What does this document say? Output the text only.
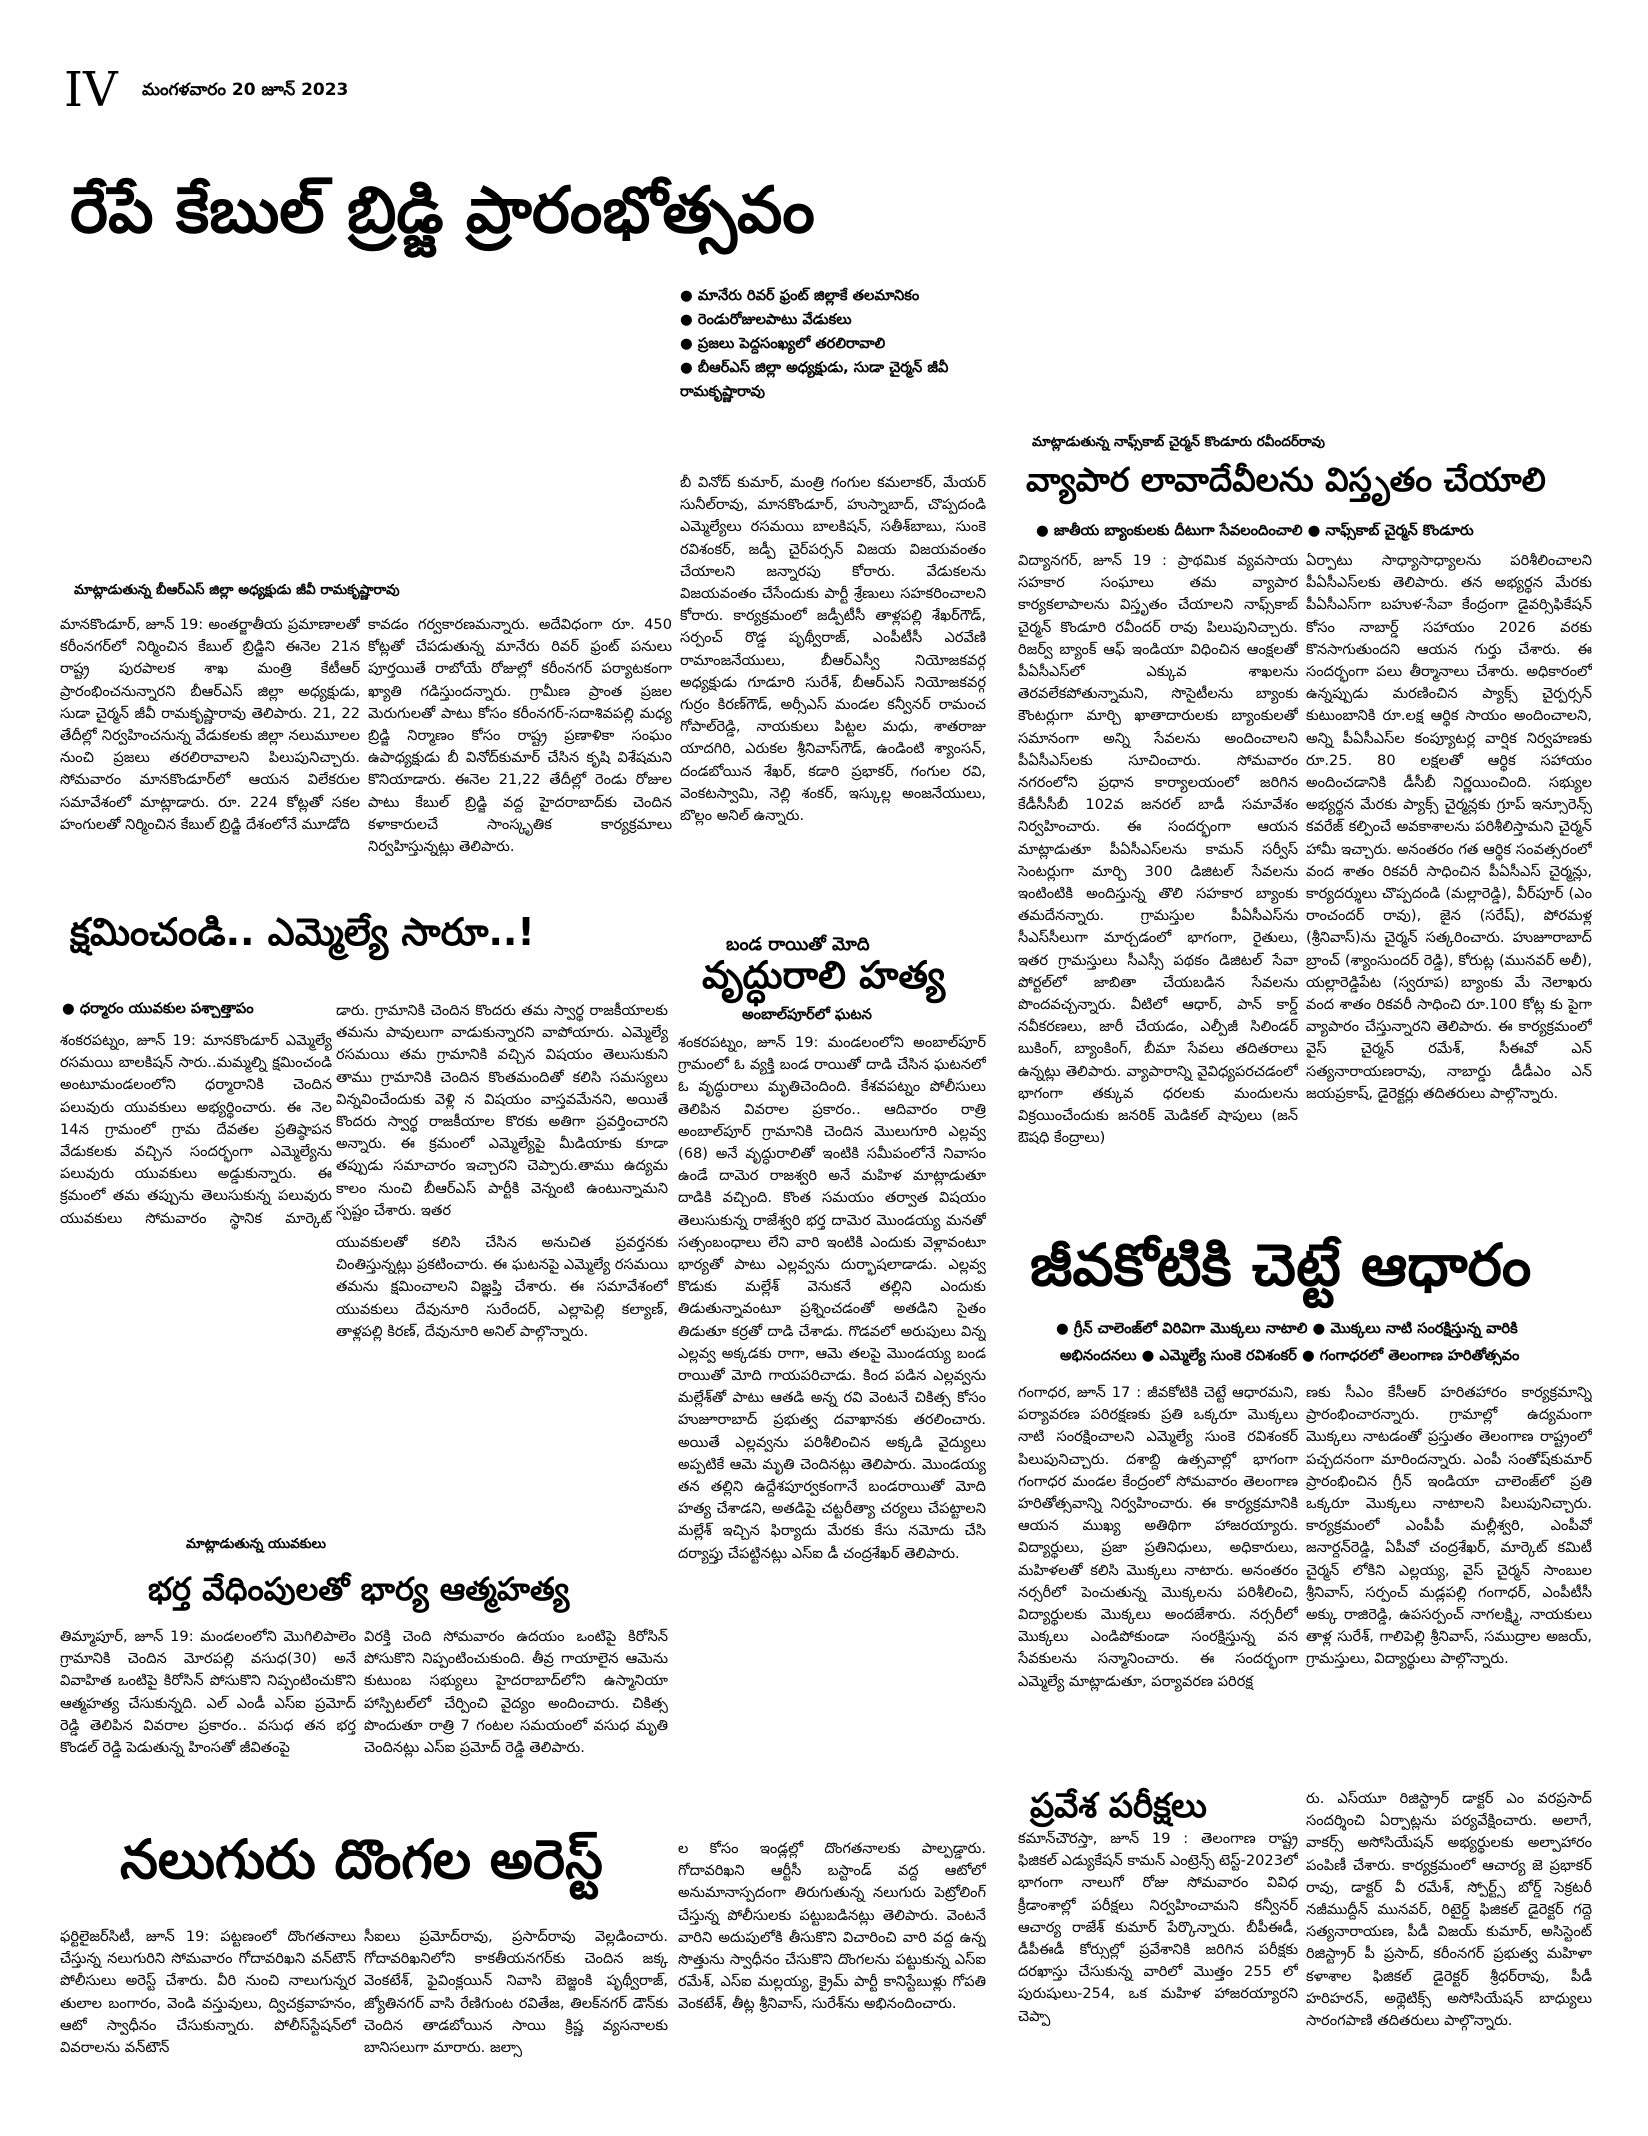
IV మంగళవారం 20 జూన్ 2023
రేపే కేబుల్ బ్రిడ్జి ప్రారంభోత్సవం
● మానేరు రివర్ ఫ్రంట్ జిల్లాకే తలమానికం
● రెండురోజులపాటు వేడుకలు
● ప్రజలు పెద్దసంఖ్యలో తరలిరావాలి
● బీఆర్ఎస్ జిల్లా అధ్యక్షుడు, సుడా చైర్మన్ జీవీ రామకృష్ణారావు
మాట్లాడుతున్న బీఆర్ఎస్ జిల్లా అధ్యక్షుడు జీవీ రామకృష్ణారావు

మానకొండూర్, జూన్ 19: అంతర్జాతీయ ప్రమాణాలతో కరీంనగర్‌లో నిర్మించిన కేబుల్ బ్రిడ్జిని ఈనెల 21న రాష్ట్ర పురపాలక శాఖ మంత్రి కేటీఆర్ ప్రారంభించనున్నారని బీఆర్ఎస్ జిల్లా అధ్యక్షుడు, సుడా చైర్మన్ జీవీ రామకృష్ణారావు తెలిపారు. 21, 22 తేదీల్లో నిర్వహించనున్న వేడుకలకు జిల్లా నలుమూలల నుంచి ప్రజలు తరలిరావాలని పిలుపునిచ్చారు. సోమవారం మానకొండూర్‌లో ఆయన విలేకరుల సమావేశంలో మాట్లాడారు. రూ. 224 కోట్లతో సకల హంగులతో నిర్మించిన కేబుల్ బ్రిడ్జి దేశంలోనే మూడోది

కావడం గర్వకారణమన్నారు. అదేవిధంగా రూ. 450 కోట్లతో చేపడుతున్న మానేరు రివర్ ఫ్రంట్ పనులు పూర్తయితే రాబోయే రోజుల్లో కరీంనగర్ పర్యాటకంగా ఖ్యాతి గడిస్తుందన్నారు. గ్రామీణ ప్రాంత ప్రజల మెరుగులతో పాటు కోసం కరీంనగర్-సదాశివపల్లి మధ్య బ్రిడ్జి నిర్మాణం కోసం రాష్ట్ర ప్రణాళికా సంఘం ఉపాధ్యక్షుడు బీ వినోద్‌కుమార్ చేసిన కృషి విశేషమని కొనియాడారు. ఈనెల 21,22 తేదీల్లో రెండు రోజుల పాటు కేబుల్ బ్రిడ్జి వద్ద హైదరాబాద్‌కు చెందిన కళాకారులచే సాంస్కృతిక కార్యక్రమాలు నిర్వహిస్తున్నట్లు తెలిపారు.

బీ వినోద్ కుమార్, మంత్రి గంగుల కమలాకర్, మేయర్ సునీల్‌రావు, మానకొండూర్, హుస్నాబాద్, చొప్పదండి ఎమ్మెల్యేలు రసమయి బాలకిషన్, సతీశ్‌బాబు, సుంకె రవిశంకర్, జడ్పీ చైర్‌పర్సన్ విజయ విజయవంతం చేయాలని జన్నారపు కోరారు. వేడుకలను విజయవంతం చేసేందుకు పార్టీ శ్రేణులు సహకరించాలని కోరారు. కార్యక్రమంలో జడ్పీటీసీ తాళ్లపల్లి శేఖర్‌గౌడ్, సర్పంచ్ రొడ్డ పృథ్వీరాజ్, ఎంపీటీసీ ఎరవేణి రామాంజనేయులు, బీఆర్ఎస్వీ నియోజకవర్గ అధ్యక్షుడు గూడూరి సురేశ్, బీఆర్ఎస్ నియోజకవర్గ గుర్రం కిరణ్‌గౌడ్, అర్సీఎస్ మండల కన్వీనర్ రామంచ గోపాల్‌రెడ్డి, నాయకులు పిట్టల మధు, శాతరాజు యాదగిరి, ఎరుకల శ్రీనివాస్‌గౌడ్, ఉండింటి శ్యాంసన్, దండబోయిన శేఖర్, కడారి ప్రభాకర్, గంగుల రవి, వెంకటస్వామి, నెల్లి శంకర్, ఇస్కుల్ల అంజనేయులు, బొల్లం అనిల్ ఉన్నారు.

క్షమించండి.. ఎమ్మెల్యే సారూ..!
● ధర్మారం యువకుల పశ్చాత్తాపం

శంకరపట్నం, జూన్ 19: మానకొండూర్ ఎమ్మెల్యే రసమయి బాలకిషన్ సారు..మమ్మల్ని క్షమించండి అంటూమండలంలోని ధర్మారానికి చెందిన పలువురు యువకులు అభ్యర్థించారు. ఈ నెల 14న గ్రామంలో గ్రామ దేవతల ప్రతిష్ఠాపన వేడుకలకు వచ్చిన సందర్భంగా ఎమ్మెల్యేను పలువురు యువకులు అడ్డుకున్నారు. ఈ క్రమంలో తమ తప్పును తెలుసుకున్న పలువురు యువకులు సోమవారం స్థానిక మార్కెట్

డారు. గ్రామానికి చెందిన కొందరు తమ స్వార్థ రాజకీయాలకు తమను పావులుగా వాడుకున్నారని వాపోయారు. ఎమ్మెల్యే రసమయి తమ గ్రామానికి వచ్చిన విషయం తెలుసుకుని తాము గ్రామానికి చెందిన కొంతమందితో కలిసి సమస్యలు విన్నవించేందుకు వెళ్లి న విషయం వాస్తవమేనని, అయితే కొందరు స్వార్థ రాజకీయాల కొరకు అతిగా ప్రవర్తించారని అన్నారు. ఈ క్రమంలో ఎమ్మెల్యేపై మీడియాకు కూడా తప్పుడు సమాచారం ఇచ్చారని చెప్పారు.తాము ఉద్యమ కాలం నుంచి బీఆర్ఎస్ పార్టీకి వెన్నంటి ఉంటున్నామని స్పష్టం చేశారు. ఇతర

యువకులతో కలిసి చేసిన అనుచిత ప్రవర్తనకు చింతిస్తున్నట్లు ప్రకటించారు. ఈ ఘటనపై ఎమ్మెల్యే రసమయి తమను క్షమించాలని విజ్ఞప్తి చేశారు. ఈ సమావేశంలో యువకులు దేవునూరి సురేందర్, ఎల్లాపెల్లి కల్యాణ్, తాళ్లపల్లి కిరణ్, దేవునూరి అనిల్ పాల్గొన్నారు.

మాట్లాడుతున్న యువకులు
బండ రాయితో మోది
వృద్ధురాలి హత్య
అంబాల్‌పూర్‌లో ఘటన

శంకరపట్నం, జూన్ 19: మండలంలోని అంబాల్‌పూర్ గ్రామంలో ఓ వ్యక్తి బండ రాయితో దాడి చేసిన ఘటనలో ఓ వృద్ధురాలు మృతిచెందింది. కేశవపట్నం పోలీసులు తెలిపిన వివరాల ప్రకారం.. ఆదివారం రాత్రి అంబాల్‌పూర్ గ్రామానికి చెందిన మొలుగూరి ఎల్లవ్వ (68) అనే వృద్ధురాలితో ఇంటికి సమీపంలోనే నివాసం ఉండే దామెర రాజశ్వరి అనే మహిళ మాట్లాడుతూ దాడికి వచ్చింది. కొంత సమయం తర్వాత విషయం తెలుసుకున్న రాజేశ్వరి భర్త దామెర మొండయ్య మనతో సత్సంబంధాలు లేని వారి ఇంటికి ఎందుకు వెళ్లావంటూ భార్యతో పాటు ఎల్లవ్వను దుర్భాషలాడాడు. ఎల్లవ్వ కొడుకు మల్లేశ్ వెనుకనే తల్లిని ఎందుకు తిడుతున్నావంటూ ప్రశ్నించడంతో అతడిని సైతం తిడుతూ కర్రతో దాడి చేశాడు. గొడవలో అరుపులు విన్న ఎల్లవ్వ అక్కడకు రాగా, ఆమె తలపై మొండయ్య బండ రాయితో మోది గాయపరిచాడు. కింద పడిన ఎల్లవ్వను మల్లేశ్‌తో పాటు ఆతడి అన్న రవి వెంటనే చికిత్స కోసం హుజూరాబాద్ ప్రభుత్వ దవాఖానకు తరలించారు. అయితే ఎల్లవ్వను పరిశీలించిన అక్కడి వైద్యులు అప్పటికే ఆమె మృతి చెందినట్లు తెలిపారు. మొండయ్య తన తల్లిని ఉద్దేశపూర్వకంగానే బండరాయితో మోది హత్య చేశాడని, అతడిపై చట్టరీత్యా చర్యలు చేపట్టాలని మల్లేశ్ ఇచ్చిన ఫిర్యాదు మేరకు కేసు నమోదు చేసి దర్యాప్తు చేపట్టినట్లు ఎస్ఐ డీ చంద్రశేఖర్ తెలిపారు.

మాట్లాడుతున్న నాఫ్స్‌కాబ్ చైర్మన్ కొండూరు రవీందర్‌రావు
వ్యాపార లావాదేవీలను విస్తృతం చేయాలి
● జాతీయ బ్యాంకులకు దీటుగా సేవలందించాలి ● నాఫ్స్‌కాబ్ చైర్మన్ కొండూరు

విద్యానగర్, జూన్ 19 : ప్రాథమిక వ్యవసాయ సహకార సంఘాలు తమ వ్యాపార కార్యకలాపాలను విస్తృతం చేయాలని నాఫ్స్‌కాబ్ చైర్మన్ కొండూరి రవీందర్ రావు పిలుపునిచ్చారు. రిజర్వ్ బ్యాంక్ ఆఫ్ ఇండియా విధించిన ఆంక్షలతో పీఏసీఎస్‌లో ఎక్కువ శాఖలను తెరవలేకపోతున్నామని, సొసైటీలను బ్యాంకు కౌంటర్లుగా మార్చి ఖాతాదారులకు బ్యాంకులతో సమానంగా అన్ని సేవలను అందించాలని పీఏసీఎస్‌లకు సూచించారు. సోమవారం నగరంలోని ప్రధాన కార్యాలయంలో జరిగిన కేడీసీసీబీ 102వ జనరల్ బాడీ సమావేశం నిర్వహించారు. ఈ సందర్భంగా ఆయన మాట్లాడుతూ పీఏసీఎస్‌లను కామన్ సర్వీస్ సెంటర్లుగా మార్చి 300 డిజిటల్ సేవలను ఇంటింటికి అందిస్తున్న తొలి సహకార బ్యాంకు తమదేనన్నారు. గ్రామస్తుల పీఏసీఎస్‌ను సీఎస్‌సీలుగా మార్చడంలో భాగంగా, రైతులు, ఇతర గ్రామస్తులు సీఎస్సీ పథకం డిజిటల్ సేవా పోర్టల్‌లో జాబితా చేయబడిన సేవలను పొందవచ్చన్నారు. వీటిలో ఆధార్, పాన్ కార్డ్ నవీకరణలు, జారీ చేయడం, ఎల్పీజీ సిలిండర్ బుకింగ్, బ్యాంకింగ్, బీమా సేవలు తదితరాలు ఉన్నట్లు తెలిపారు. వ్యాపారాన్ని వైవిధ్యపరచడంలో భాగంగా తక్కువ ధరలకు మందులను విక్రయించేందుకు జనరిక్ మెడికల్ షాపులు (జన్ ఔషధి కేంద్రాలు)

ఏర్పాటు సాధ్యాసాధ్యాలను పరిశీలించాలని పీఏసీఎస్‌లకు తెలిపారు. తన అభ్యర్థన మేరకు పీఏసీఎస్‌గా బహుళ-సేవా కేంద్రంగా డైవర్సిఫికేషన్ కోసం నాబార్డ్ సహాయం 2026 వరకు కొనసాగుతుందని ఆయన గుర్తు చేశారు. ఈ సందర్భంగా పలు తీర్మానాలు చేశారు. అధికారంలో ఉన్నప్పుడు మరణించిన ప్యాక్స్ చైర్పర్సన్ కుటుంబానికి రూ.లక్ష ఆర్థిక సాయం అందించాలని, అన్ని పీఏసీఎస్‌ల కంప్యూటర్ల వార్షిక నిర్వహణకు రూ.25. 80 లక్షలతో ఆర్థిక సహాయం అందించడానికి డీసీబీ నిర్ణయించింది. సభ్యుల అభ్యర్థన మేరకు ప్యాక్స్ చైర్మన్లకు గ్రూప్ ఇన్సూరెన్స్ కవరేజ్ కల్పించే అవకాశాలను పరిశీలిస్తామని చైర్మన్ హామీ ఇచ్చారు. అనంతరం గత ఆర్థిక సంవత్సరంలో వంద శాతం రికవరీ సాధించిన పీఏసీఎస్ చైర్మన్లు, కార్యదర్శులు చొప్పదండి (మల్లారెడ్డి), వీర్‌పూర్ (ఎం రాంచందర్ రావు), జైన (సరేష్), పోరమళ్ల (శ్రీనివాస్)ను చైర్మన్ సత్కరించారు. హుజూరాబాద్ బ్రాంచ్ (శ్యాంసుందర్ రెడ్డి), కోరుట్ల (మునవర్ అలీ), యల్లారెడ్డిపేట (స్వరూప) బ్యాంకు మే నెలాఖరు వంద శాతం రికవరీ సాధించి రూ.100 కోట్ల కు పైగా వ్యాపారం చేస్తున్నారని తెలిపారు. ఈ కార్యక్రమంలో వైస్ చైర్మన్ రమేశ్, సీఈవో ఎన్ సత్యనారాయణరావు, నాబార్డు డీడీఎం ఎన్ జయప్రకాష్, డైరెక్టర్లు తదితరులు పాల్గొన్నారు.

జీవకోటికి చెట్టే ఆధారం
● గ్రీన్ చాలెంజ్‌లో విరివిగా మొక్కలు నాటాలి ● మొక్కలు నాటి సంరక్షిస్తున్న వారికి
అభినందనలు ● ఎమ్మెల్యే సుంకె రవిశంకర్ ● గంగాధరలో తెలంగాణ హరితోత్సవం

గంగాధర, జూన్ 17 : జీవకోటికి చెట్టే ఆధారమని, పర్యావరణ పరిరక్షణకు ప్రతి ఒక్కరూ మొక్కలు నాటి సంరక్షించాలని ఎమ్మెల్యే సుంకె రవిశంకర్ పిలుపునిచ్చారు. దశాబ్ది ఉత్సవాల్లో భాగంగా గంగాధర మండల కేంద్రంలో సోమవారం తెలంగాణ హరితోత్సవాన్ని నిర్వహించారు. ఈ కార్యక్రమానికి ఆయన ముఖ్య అతిథిగా హాజరయ్యారు. విద్యార్థులు, ప్రజా ప్రతినిధులు, అధికారులు, మహిళలతో కలిసి మొక్కలు నాటారు. అనంతరం నర్సరీలో పెంచుతున్న మొక్కలను పరిశీలించి, విద్యార్థులకు మొక్కలు అందజేశారు. నర్సరీలో మొక్కలు ఎండిపోకుండా సంరక్షిస్తున్న వన సేవకులను సన్మానించారు. ఈ సందర్భంగా ఎమ్మెల్యే మాట్లాడుతూ, పర్యావరణ పరిరక్ష

ణకు సీఎం కేసీఆర్ హరితహారం కార్యక్రమాన్ని ప్రారంభించారన్నారు. గ్రామాల్లో ఉద్యమంగా మొక్కలు నాటడంతో ప్రస్తుతం తెలంగాణ రాష్ట్రంలో పచ్చదనంగా మారిందన్నారు. ఎంపీ సంతోష్‌కుమార్ ప్రారంభించిన గ్రీన్ ఇండియా చాలెంజ్‌లో ప్రతి ఒక్కరూ మొక్కలు నాటాలని పిలుపునిచ్చారు. కార్యక్రమంలో ఎంపీపీ మల్లీశ్వరి, ఎంపీవో జనార్దన్‌రెడ్డి, ఏపీవో చంద్రశేఖర్, మార్కెట్ కమిటీ చైర్మన్ లోకిని ఎల్లయ్య, వైస్ చైర్మన్ సాంబుల శ్రీనివాస్, సర్పంచ్ మడ్లపల్లి గంగాధర్, ఎంపీటీసీ అక్కు రాజిరెడ్డి, ఉపసర్పంచ్ నాగలక్ష్మి, నాయకులు తాళ్ల సురేశ్, గాలిపెల్లి శ్రీనివాస్, సముద్రాల అజయ్, గ్రామస్తులు, విద్యార్థులు పాల్గొన్నారు.

ప్రవేశ పరీక్షలు

కమాన్‌చౌరస్తా, జూన్ 19 : తెలంగాణ రాష్ట్ర ఫిజికల్ ఎడ్యుకేషన్ కామన్ ఎంట్రెన్స్ టెస్ట్-2023లో భాగంగా నాలుగో రోజు సోమవారం వివిధ క్రీడాంశాల్లో పరీక్షలు నిర్వహించామని కన్వీనర్ ఆచార్య రాజేశ్ కుమార్ పేర్కొన్నారు. బీపీఈడీ, డీపీఈడీ కోర్సుల్లో ప్రవేశానికి జరిగిన పరీక్షకు దరఖాస్తు చేసుకున్న వారిలో మొత్తం 255 లో పురుషులు-254, ఒక మహిళ హాజరయ్యారని చెప్పా

రు. ఎస్‌యూ రిజిస్ట్రార్ డాక్టర్ ఎం వరప్రసాద్ సందర్శించి ఏర్పాట్లను పర్యవేక్షించారు. అలాగే, వాకర్స్ అసోసియేషన్ అభ్యర్థులకు అల్పాహారం పంపిణీ చేశారు. కార్యక్రమంలో ఆచార్య జె ప్రభాకర్ రావు, డాక్టర్ వీ రమేశ్, స్పోర్ట్స్ బోర్డ్ సెక్రటరీ నజీముద్దీన్ మునవర్, రిటైర్డ్ ఫిజికల్ డైరెక్టర్ గద్దె సత్యనారాయణ, పీడీ విజయ్ కుమార్, అసిస్టెంట్ రిజిస్ట్రార్ పీ ప్రసాద్, కరీంనగర్ ప్రభుత్వ మహిళా కళాశాల ఫిజికల్ డైరెక్టర్ శ్రీధర్‌రావు, పీడీ హరిహరన్, అథ్లెటిక్స్ అసోసియేషన్ బాధ్యులు సారంగపాణి తదితరులు పాల్గొన్నారు.

భర్త వేధింపులతో భార్య ఆత్మహత్య

తిమ్మాపూర్, జూన్ 19: మండలంలోని మొగిలిపాలెం గ్రామానికి చెందిన మోరపల్లి వసుధ(30) అనే వివాహిత ఒంటిపై కిరోసిన్ పోసుకొని నిప్పంటించుకొని ఆత్మహత్య చేసుకున్నది. ఎల్ ఎండీ ఎస్ఐ ప్రమోద్ రెడ్డి తెలిపిన వివరాల ప్రకారం.. వసుధ తన భర్త కొండల్ రెడ్డి పెడుతున్న హింసతో జీవితంపై

విరక్తి చెంది సోమవారం ఉదయం ఒంటిపై కిరోసిన్ పోసుకొని నిప్పంటించుకుంది. తీవ్ర గాయాలైన ఆమెను కుటుంబ సభ్యులు హైదరాబాద్‌లోని ఉస్మానియా హాస్పిటల్‌లో చేర్పించి వైద్యం అందించారు. చికిత్స పొందుతూ రాత్రి 7 గంటల సమయంలో వసుధ మృతి చెందినట్లు ఎస్ఐ ప్రమోద్ రెడ్డి తెలిపారు.

నలుగురు దొంగల అరెస్ట్

ఫర్టిలైజర్‌సిటీ, జూన్ 19: పట్టణంలో దొంగతనాలు చేస్తున్న నలుగురిని సోమవారం గోదావరిఖని వన్‌టౌన్ పోలీసులు అరెస్ట్ చేశారు. వీరి నుంచి నాలుగున్నర తులాల బంగారం, వెండి వస్తువులు, ద్విచక్రవాహనం, ఆటో స్వాధీనం చేసుకున్నారు. పోలీస్‌స్టేషన్‌లో వివరాలను వన్‌టౌన్

సీఐలు ప్రమోద్‌రావు, ప్రసాద్‌రావు వెల్లడించారు. గోదావరిఖనిలోని కాకతీయనగర్‌కు చెందిన జక్క వెంకటేశ్, ఫైవింక్లయిన్ నివాసి బెజ్జంకి పృథ్వీరాజ్, జ్యోతినగర్ వాసి రేణిగుంట రవితేజ, తిలక్‌నగర్ డౌన్‌కు చెందిన తాడబోయిన సాయి క్రిష్ణ వ్యసనాలకు బానిసలుగా మారారు. జల్సా

ల కోసం ఇండ్లల్లో దొంగతనాలకు పాల్పడ్డారు. గోదావరిఖని ఆర్టీసీ బస్టాండ్ వద్ద ఆటోలో అనుమానాస్పదంగా తిరుగుతున్న నలుగురు పెట్రోలింగ్ చేస్తున్న పోలీసులకు పట్టుబడినట్లు తెలిపారు. వెంటనే వారిని అదుపులోకి తీసుకొని విచారించి వారి వద్ద ఉన్న సొత్తును స్వాధీనం చేసుకొని దొంగలను పట్టుకున్న ఎస్ఐ రమేశ్, ఎస్ఐ మల్లయ్య, క్రైమ్ పార్టీ కానిస్టేబుళ్లు గోపతి వెంకటేశ్, తీట్ల శ్రీనివాస్, సురేశ్‌ను అభినందించారు.
